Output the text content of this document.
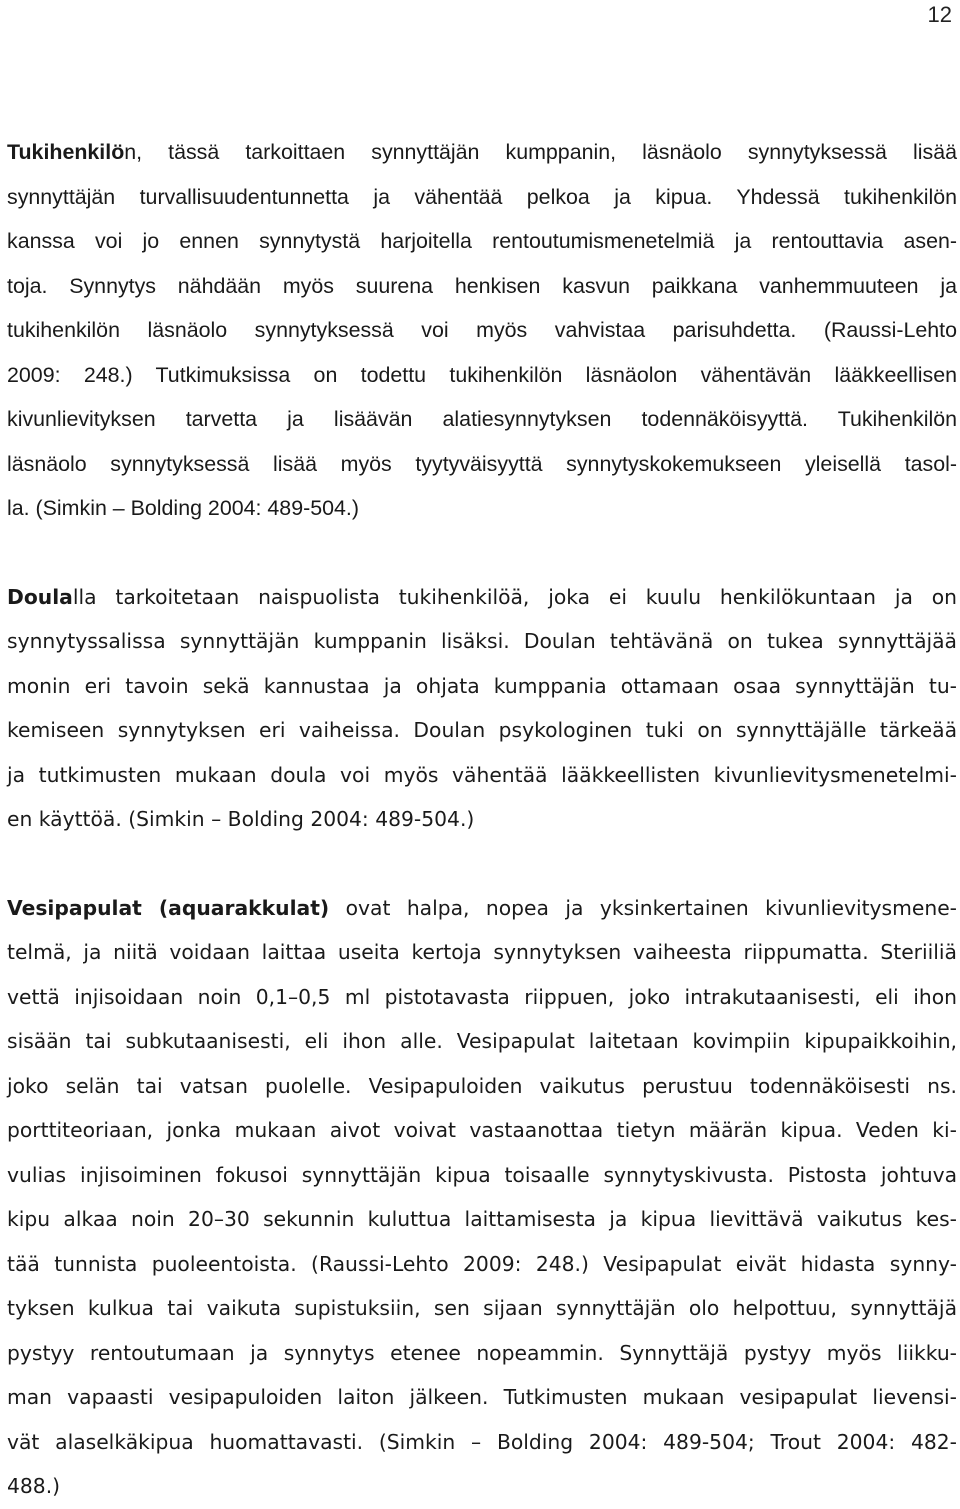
12
Tukihenkilön, tässä tarkoittaen synnyttäjän kumppanin, läsnäolo synnytyksessä lisää
synnyttäjän turvallisuudentunnetta ja vähentää pelkoa ja kipua. Yhdessä tukihenkilön
kanssa voi jo ennen synnytystä harjoitella rentoutumismenetelmiä ja rentouttavia asen-
toja. Synnytys nähdään myös suurena henkisen kasvun paikkana vanhemmuuteen ja
tukihenkilön läsnäolo synnytyksessä voi myös vahvistaa parisuhdetta. (Raussi-Lehto
2009: 248.) Tutkimuksissa on todettu tukihenkilön läsnäolon vähentävän lääkkeellisen
kivunlievityksen tarvetta ja lisäävän alatiesynnytyksen todennäköisyyttä. Tukihenkilön
läsnäolo synnytyksessä lisää myös tyytyväisyyttä synnytyskokemukseen yleisellä tasol-
la. (Simkin – Bolding 2004: 489-504.)
Doulalla tarkoitetaan naispuolista tukihenkilöä, joka ei kuulu henkilökuntaan ja on
synnytyssalissa synnyttäjän kumppanin lisäksi. Doulan tehtävänä on tukea synnyttäjää
monin eri tavoin sekä kannustaa ja ohjata kumppania ottamaan osaa synnyttäjän tu-
kemiseen synnytyksen eri vaiheissa. Doulan psykologinen tuki on synnyttäjälle tärkeää
ja tutkimusten mukaan doula voi myös vähentää lääkkeellisten kivunlievitysmenetelmi-
en käyttöä. (Simkin – Bolding 2004: 489-504.)
Vesipapulat (aquarakkulat) ovat halpa, nopea ja yksinkertainen kivunlievitysmene-
telmä, ja niitä voidaan laittaa useita kertoja synnytyksen vaiheesta riippumatta. Steriiliä
vettä injisoidaan noin 0,1–0,5 ml pistotavasta riippuen, joko intrakutaanisesti, eli ihon
sisään tai subkutaanisesti, eli ihon alle. Vesipapulat laitetaan kovimpiin kipupaikkoihin,
joko selän tai vatsan puolelle. Vesipapuloiden vaikutus perustuu todennäköisesti ns.
porttiteoriaan, jonka mukaan aivot voivat vastaanottaa tietyn määrän kipua. Veden ki-
vulias injisoiminen fokusoi synnyttäjän kipua toisaalle synnytyskivusta. Pistosta johtuva
kipu alkaa noin 20–30 sekunnin kuluttua laittamisesta ja kipua lievittävä vaikutus kes-
tää tunnista puoleentoista. (Raussi-Lehto 2009: 248.) Vesipapulat eivät hidasta synny-
tyksen kulkua tai vaikuta supistuksiin, sen sijaan synnyttäjän olo helpottuu, synnyttäjä
pystyy rentoutumaan ja synnytys etenee nopeammin. Synnyttäjä pystyy myös liikku-
man vapaasti vesipapuloiden laiton jälkeen. Tutkimusten mukaan vesipapulat lievensi-
vät alaselkäkipua huomattavasti. (Simkin – Bolding 2004: 489-504; Trout 2004: 482-
488.)
